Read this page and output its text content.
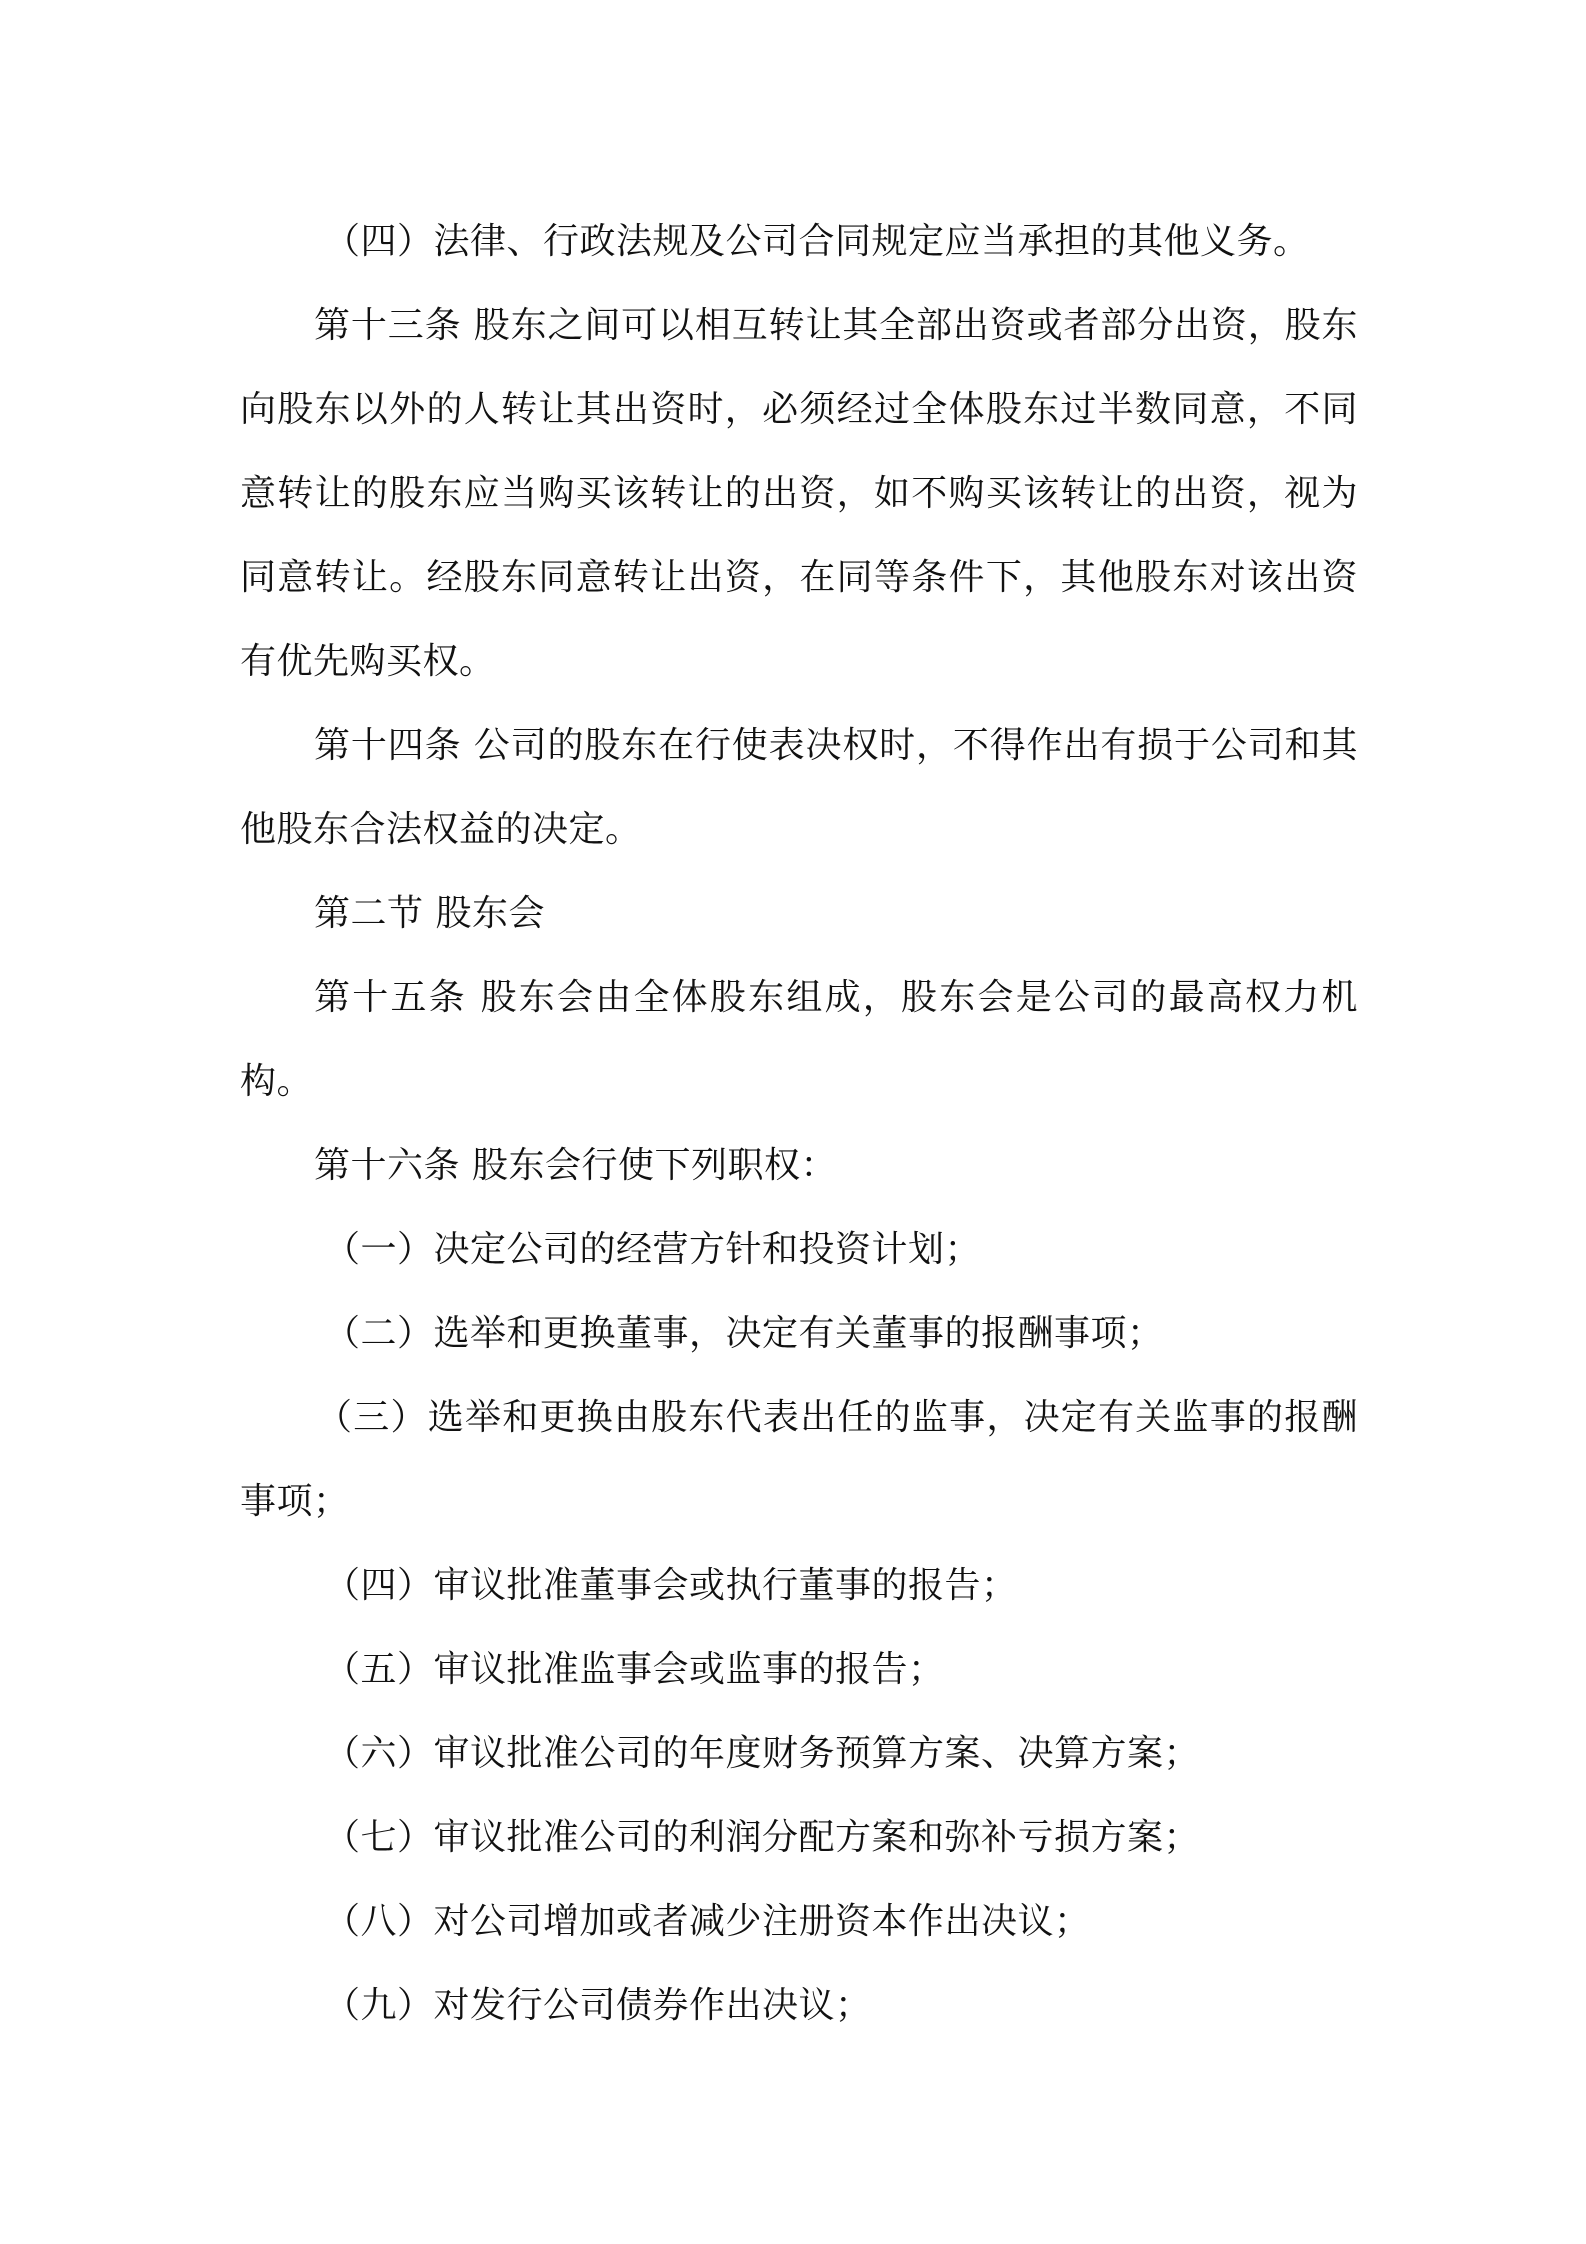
（四）法律、行政法规及公司合同规定应当承担的其他义务。

第十三条 股东之间可以相互转让其全部出资或者部分出资，股东向股东以外的人转让其出资时，必须经过全体股东过半数同意，不同意转让的股东应当购买该转让的出资，如不购买该转让的出资，视为同意转让。经股东同意转让出资，在同等条件下，其他股东对该出资有优先购买权。

第十四条 公司的股东在行使表决权时，不得作出有损于公司和其他股东合法权益的决定。

第二节 股东会

第十五条 股东会由全体股东组成，股东会是公司的最高权力机构。

第十六条 股东会行使下列职权：

（一）决定公司的经营方针和投资计划；

（二）选举和更换董事，决定有关董事的报酬事项；

（三）选举和更换由股东代表出任的监事，决定有关监事的报酬事项；

（四）审议批准董事会或执行董事的报告；

（五）审议批准监事会或监事的报告；

（六）审议批准公司的年度财务预算方案、决算方案；

（七）审议批准公司的利润分配方案和弥补亏损方案；

（八）对公司增加或者减少注册资本作出决议；

（九）对发行公司债券作出决议；
